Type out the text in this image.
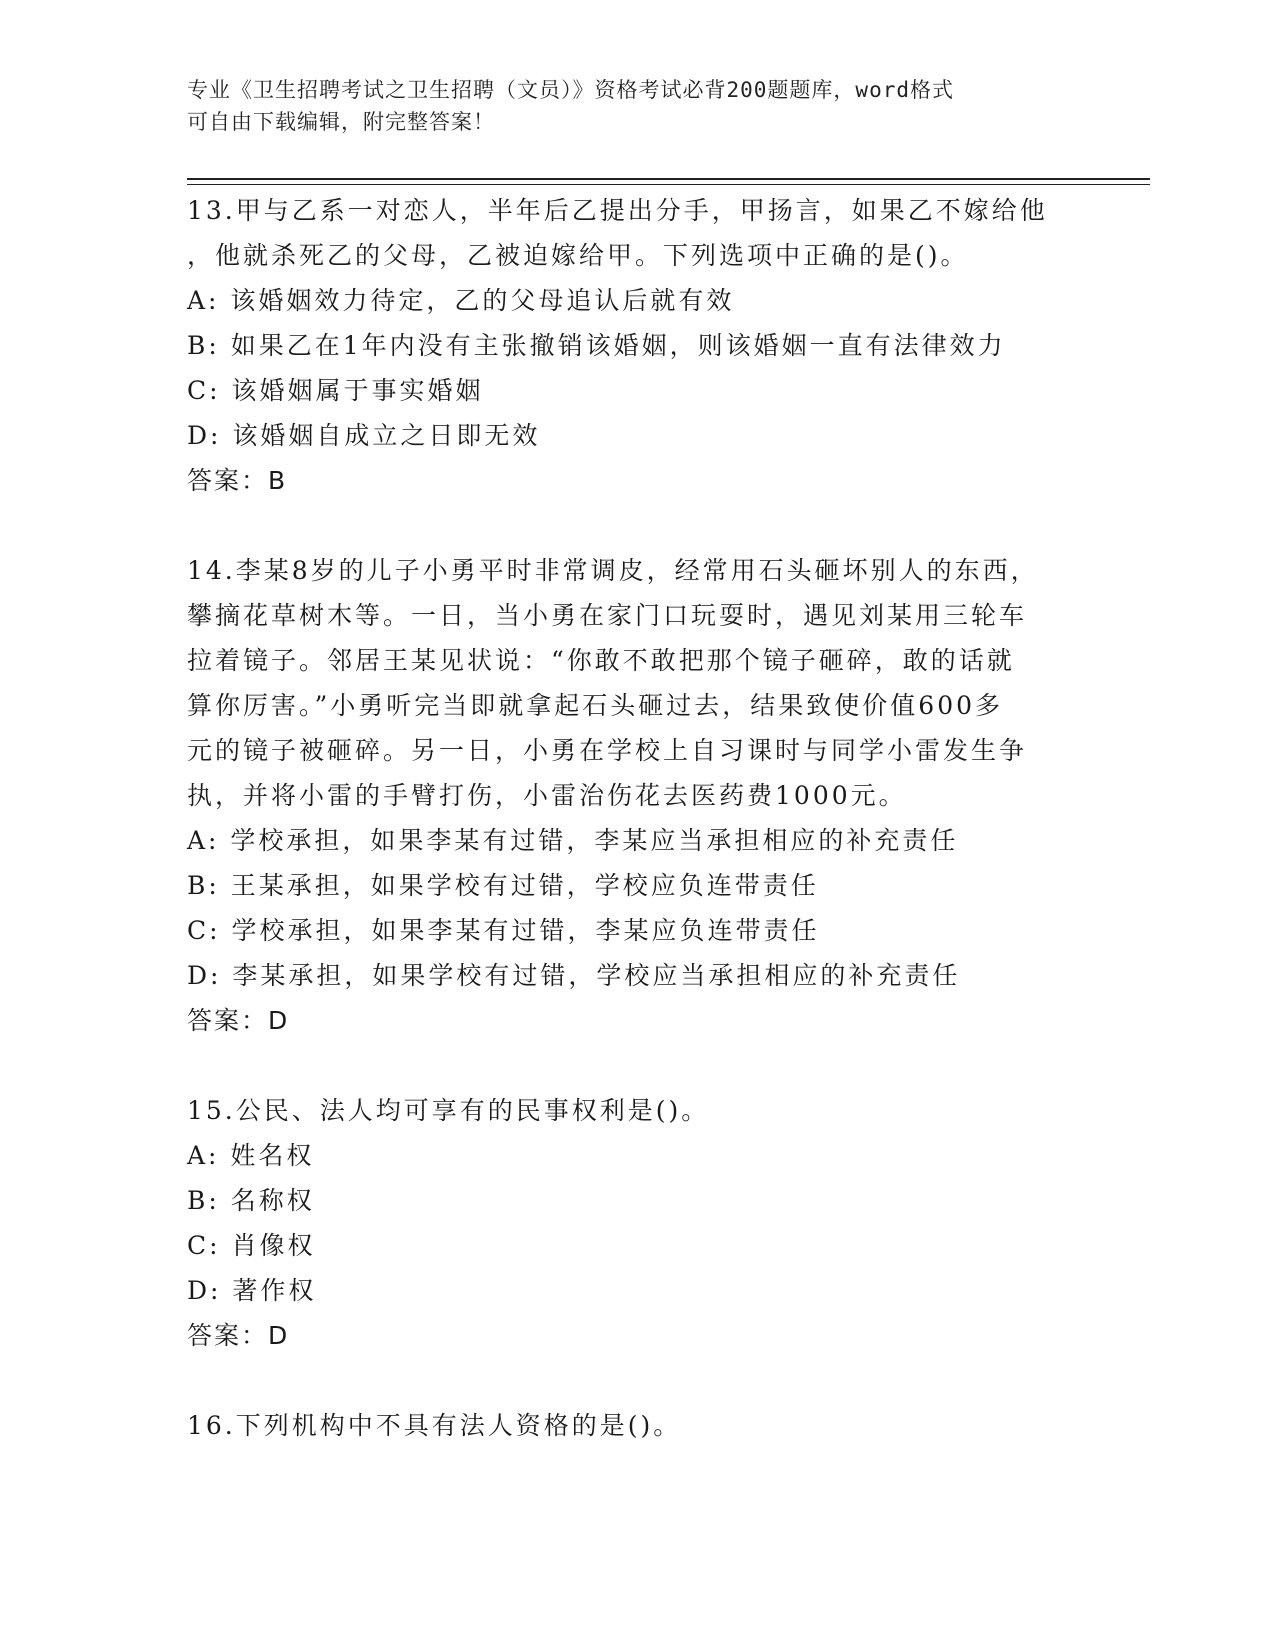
专业《卫生招聘考试之卫生招聘（文员）》资格考试必背200题题库，word格式
可自由下载编辑，附完整答案！
13.甲与乙系一对恋人，半年后乙提出分手，甲扬言，如果乙不嫁给他
，他就杀死乙的父母，乙被迫嫁给甲。下列选项中正确的是()。
A: 该婚姻效力待定，乙的父母追认后就有效
B: 如果乙在1年内没有主张撤销该婚姻，则该婚姻一直有法律效力
C: 该婚姻属于事实婚姻
D: 该婚姻自成立之日即无效
答案：B
14.李某8岁的儿子小勇平时非常调皮，经常用石头砸坏别人的东西，
攀摘花草树木等。一日，当小勇在家门口玩耍时，遇见刘某用三轮车
拉着镜子。邻居王某见状说：“你敢不敢把那个镜子砸碎，敢的话就
算你厉害。”小勇听完当即就拿起石头砸过去，结果致使价值600多
元的镜子被砸碎。另一日，小勇在学校上自习课时与同学小雷发生争
执，并将小雷的手臂打伤，小雷治伤花去医药费1000元。
A: 学校承担，如果李某有过错，李某应当承担相应的补充责任
B: 王某承担，如果学校有过错，学校应负连带责任
C: 学校承担，如果李某有过错，李某应负连带责任
D: 李某承担，如果学校有过错，学校应当承担相应的补充责任
答案：D
15.公民、法人均可享有的民事权利是()。
A: 姓名权
B: 名称权
C: 肖像权
D: 著作权
答案：D
16.下列机构中不具有法人资格的是()。
